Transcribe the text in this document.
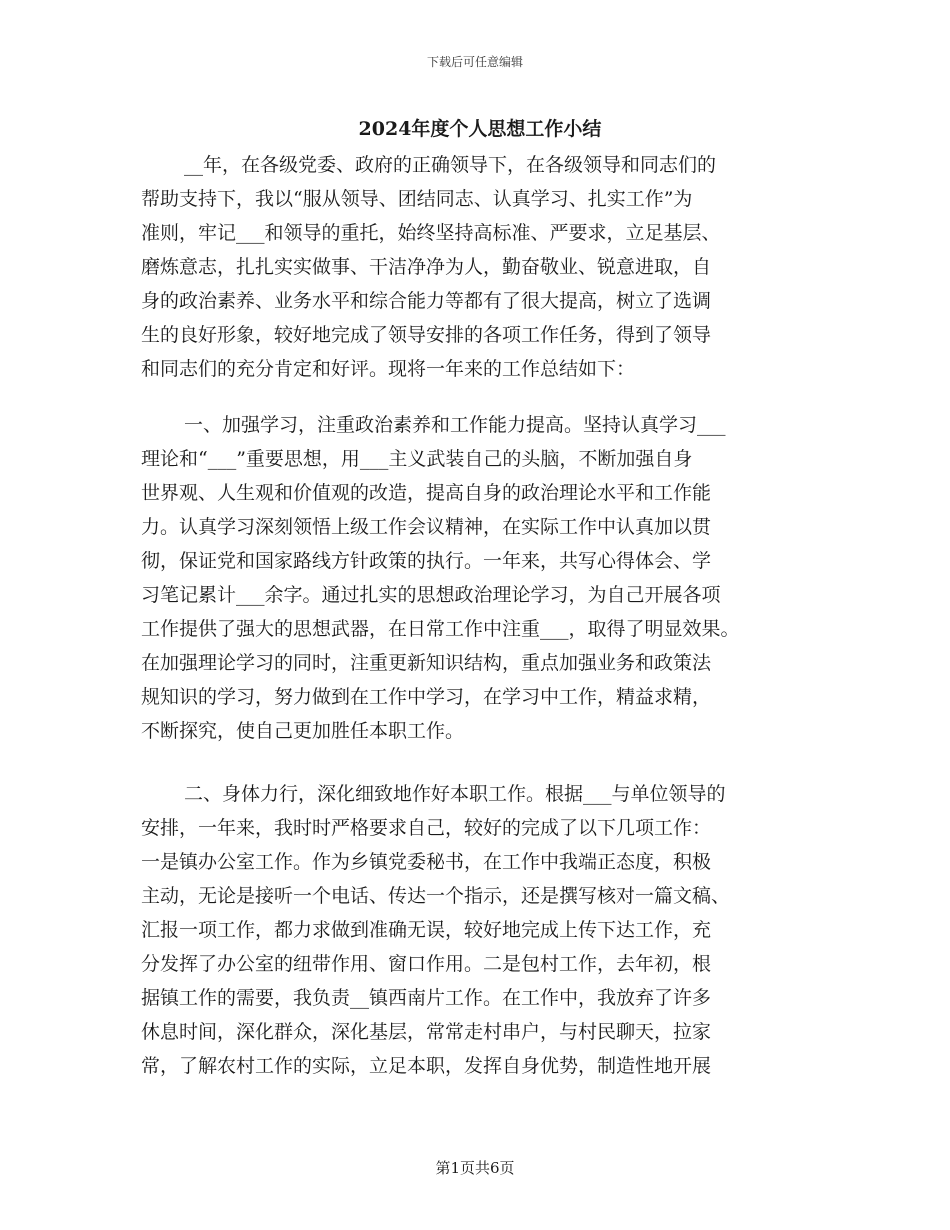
下载后可任意编辑
2024年度个人思想工作小结
__年，在各级党委、政府的正确领导下，在各级领导和同志们的
帮助支持下，我以“服从领导、团结同志、认真学习、扎实工作”为
准则，牢记___和领导的重托，始终坚持高标准、严要求，立足基层、
磨炼意志，扎扎实实做事、干洁净净为人，勤奋敬业、锐意进取，自
身的政治素养、业务水平和综合能力等都有了很大提高，树立了选调
生的良好形象，较好地完成了领导安排的各项工作任务，得到了领导
和同志们的充分肯定和好评。现将一年来的工作总结如下：
一、加强学习，注重政治素养和工作能力提高。坚持认真学习___
理论和“___”重要思想，用___主义武装自己的头脑，不断加强自身
世界观、人生观和价值观的改造，提高自身的政治理论水平和工作能
力。认真学习深刻领悟上级工作会议精神，在实际工作中认真加以贯
彻，保证党和国家路线方针政策的执行。一年来，共写心得体会、学
习笔记累计___余字。通过扎实的思想政治理论学习，为自己开展各项
工作提供了强大的思想武器，在日常工作中注重___，取得了明显效果。
在加强理论学习的同时，注重更新知识结构，重点加强业务和政策法
规知识的学习，努力做到在工作中学习，在学习中工作，精益求精，
不断探究，使自己更加胜任本职工作。
二、身体力行，深化细致地作好本职工作。根据___与单位领导的
安排，一年来，我时时严格要求自己，较好的完成了以下几项工作：
一是镇办公室工作。作为乡镇党委秘书，在工作中我端正态度，积极
主动，无论是接听一个电话、传达一个指示，还是撰写核对一篇文稿、
汇报一项工作，都力求做到准确无误，较好地完成上传下达工作，充
分发挥了办公室的纽带作用、窗口作用。二是包村工作，去年初，根
据镇工作的需要，我负责__镇西南片工作。在工作中，我放弃了许多
休息时间，深化群众，深化基层，常常走村串户，与村民聊天，拉家
常，了解农村工作的实际，立足本职，发挥自身优势，制造性地开展
第1页共6页
